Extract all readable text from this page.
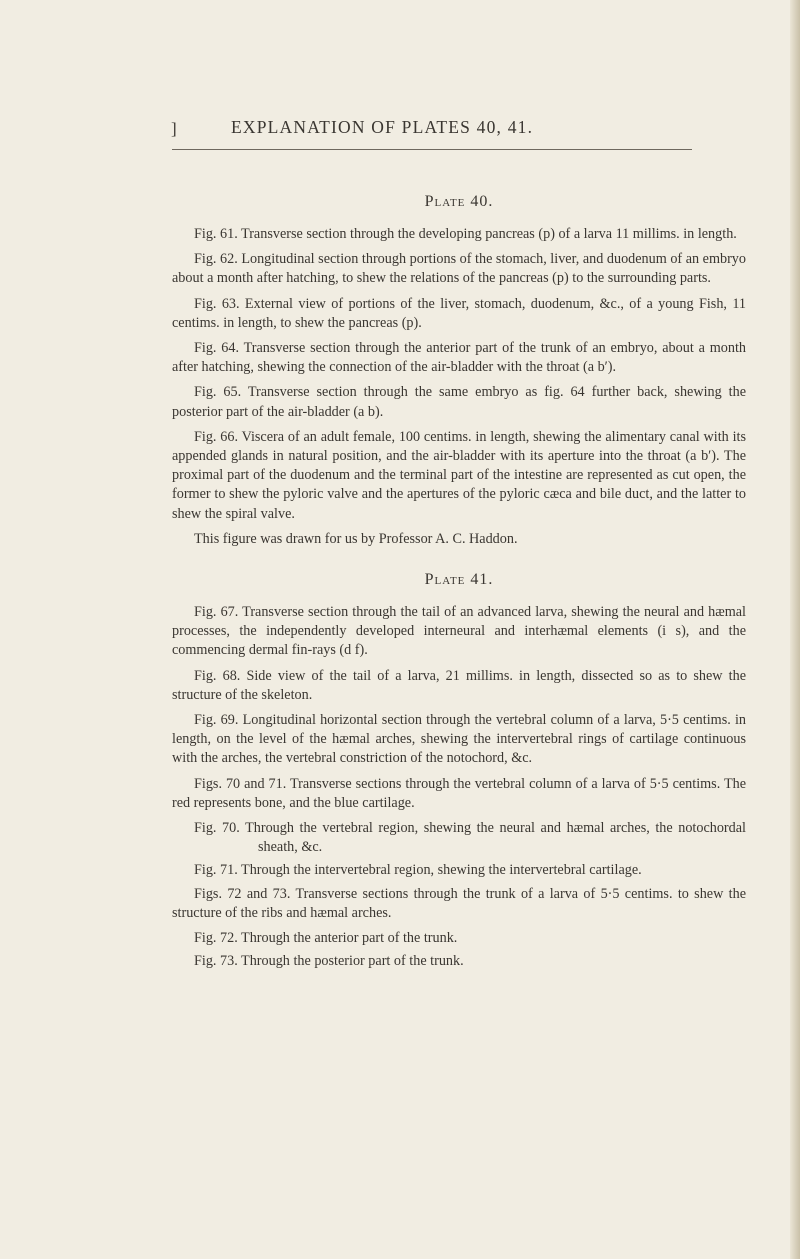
]	EXPLANATION OF PLATES 40, 41.
Plate 40.

Fig. 61. Transverse section through the developing pancreas (p) of a larva 11 millims. in length.

Fig. 62. Longitudinal section through portions of the stomach, liver, and duodenum of an embryo about a month after hatching, to shew the relations of the pancreas (p) to the surrounding parts.

Fig. 63. External view of portions of the liver, stomach, duodenum, &c., of a young Fish, 11 centims. in length, to shew the pancreas (p).

Fig. 64. Transverse section through the anterior part of the trunk of an embryo, about a month after hatching, shewing the connection of the air-bladder with the throat (a b′).

Fig. 65. Transverse section through the same embryo as fig. 64 further back, shewing the posterior part of the air-bladder (a b).

Fig. 66. Viscera of an adult female, 100 centims. in length, shewing the alimentary canal with its appended glands in natural position, and the air-bladder with its aperture into the throat (a b′). The proximal part of the duodenum and the terminal part of the intestine are represented as cut open, the former to shew the pyloric valve and the apertures of the pyloric cæca and bile duct, and the latter to shew the spiral valve.

This figure was drawn for us by Professor A. C. Haddon.

Plate 41.

Fig. 67. Transverse section through the tail of an advanced larva, shewing the neural and hæmal processes, the independently developed interneural and interhæmal elements (i s), and the commencing dermal fin-rays (d f).

Fig. 68. Side view of the tail of a larva, 21 millims. in length, dissected so as to shew the structure of the skeleton.

Fig. 69. Longitudinal horizontal section through the vertebral column of a larva, 5·5 centims. in length, on the level of the hæmal arches, shewing the intervertebral rings of cartilage continuous with the arches, the vertebral constriction of the notochord, &c.

Figs. 70 and 71. Transverse sections through the vertebral column of a larva of 5·5 centims. The red represents bone, and the blue cartilage.

Fig. 70. Through the vertebral region, shewing the neural and hæmal arches, the notochordal sheath, &c.

Fig. 71. Through the intervertebral region, shewing the intervertebral cartilage.

Figs. 72 and 73. Transverse sections through the trunk of a larva of 5·5 centims. to shew the structure of the ribs and hæmal arches.

Fig. 72. Through the anterior part of the trunk.

Fig. 73. Through the posterior part of the trunk.
